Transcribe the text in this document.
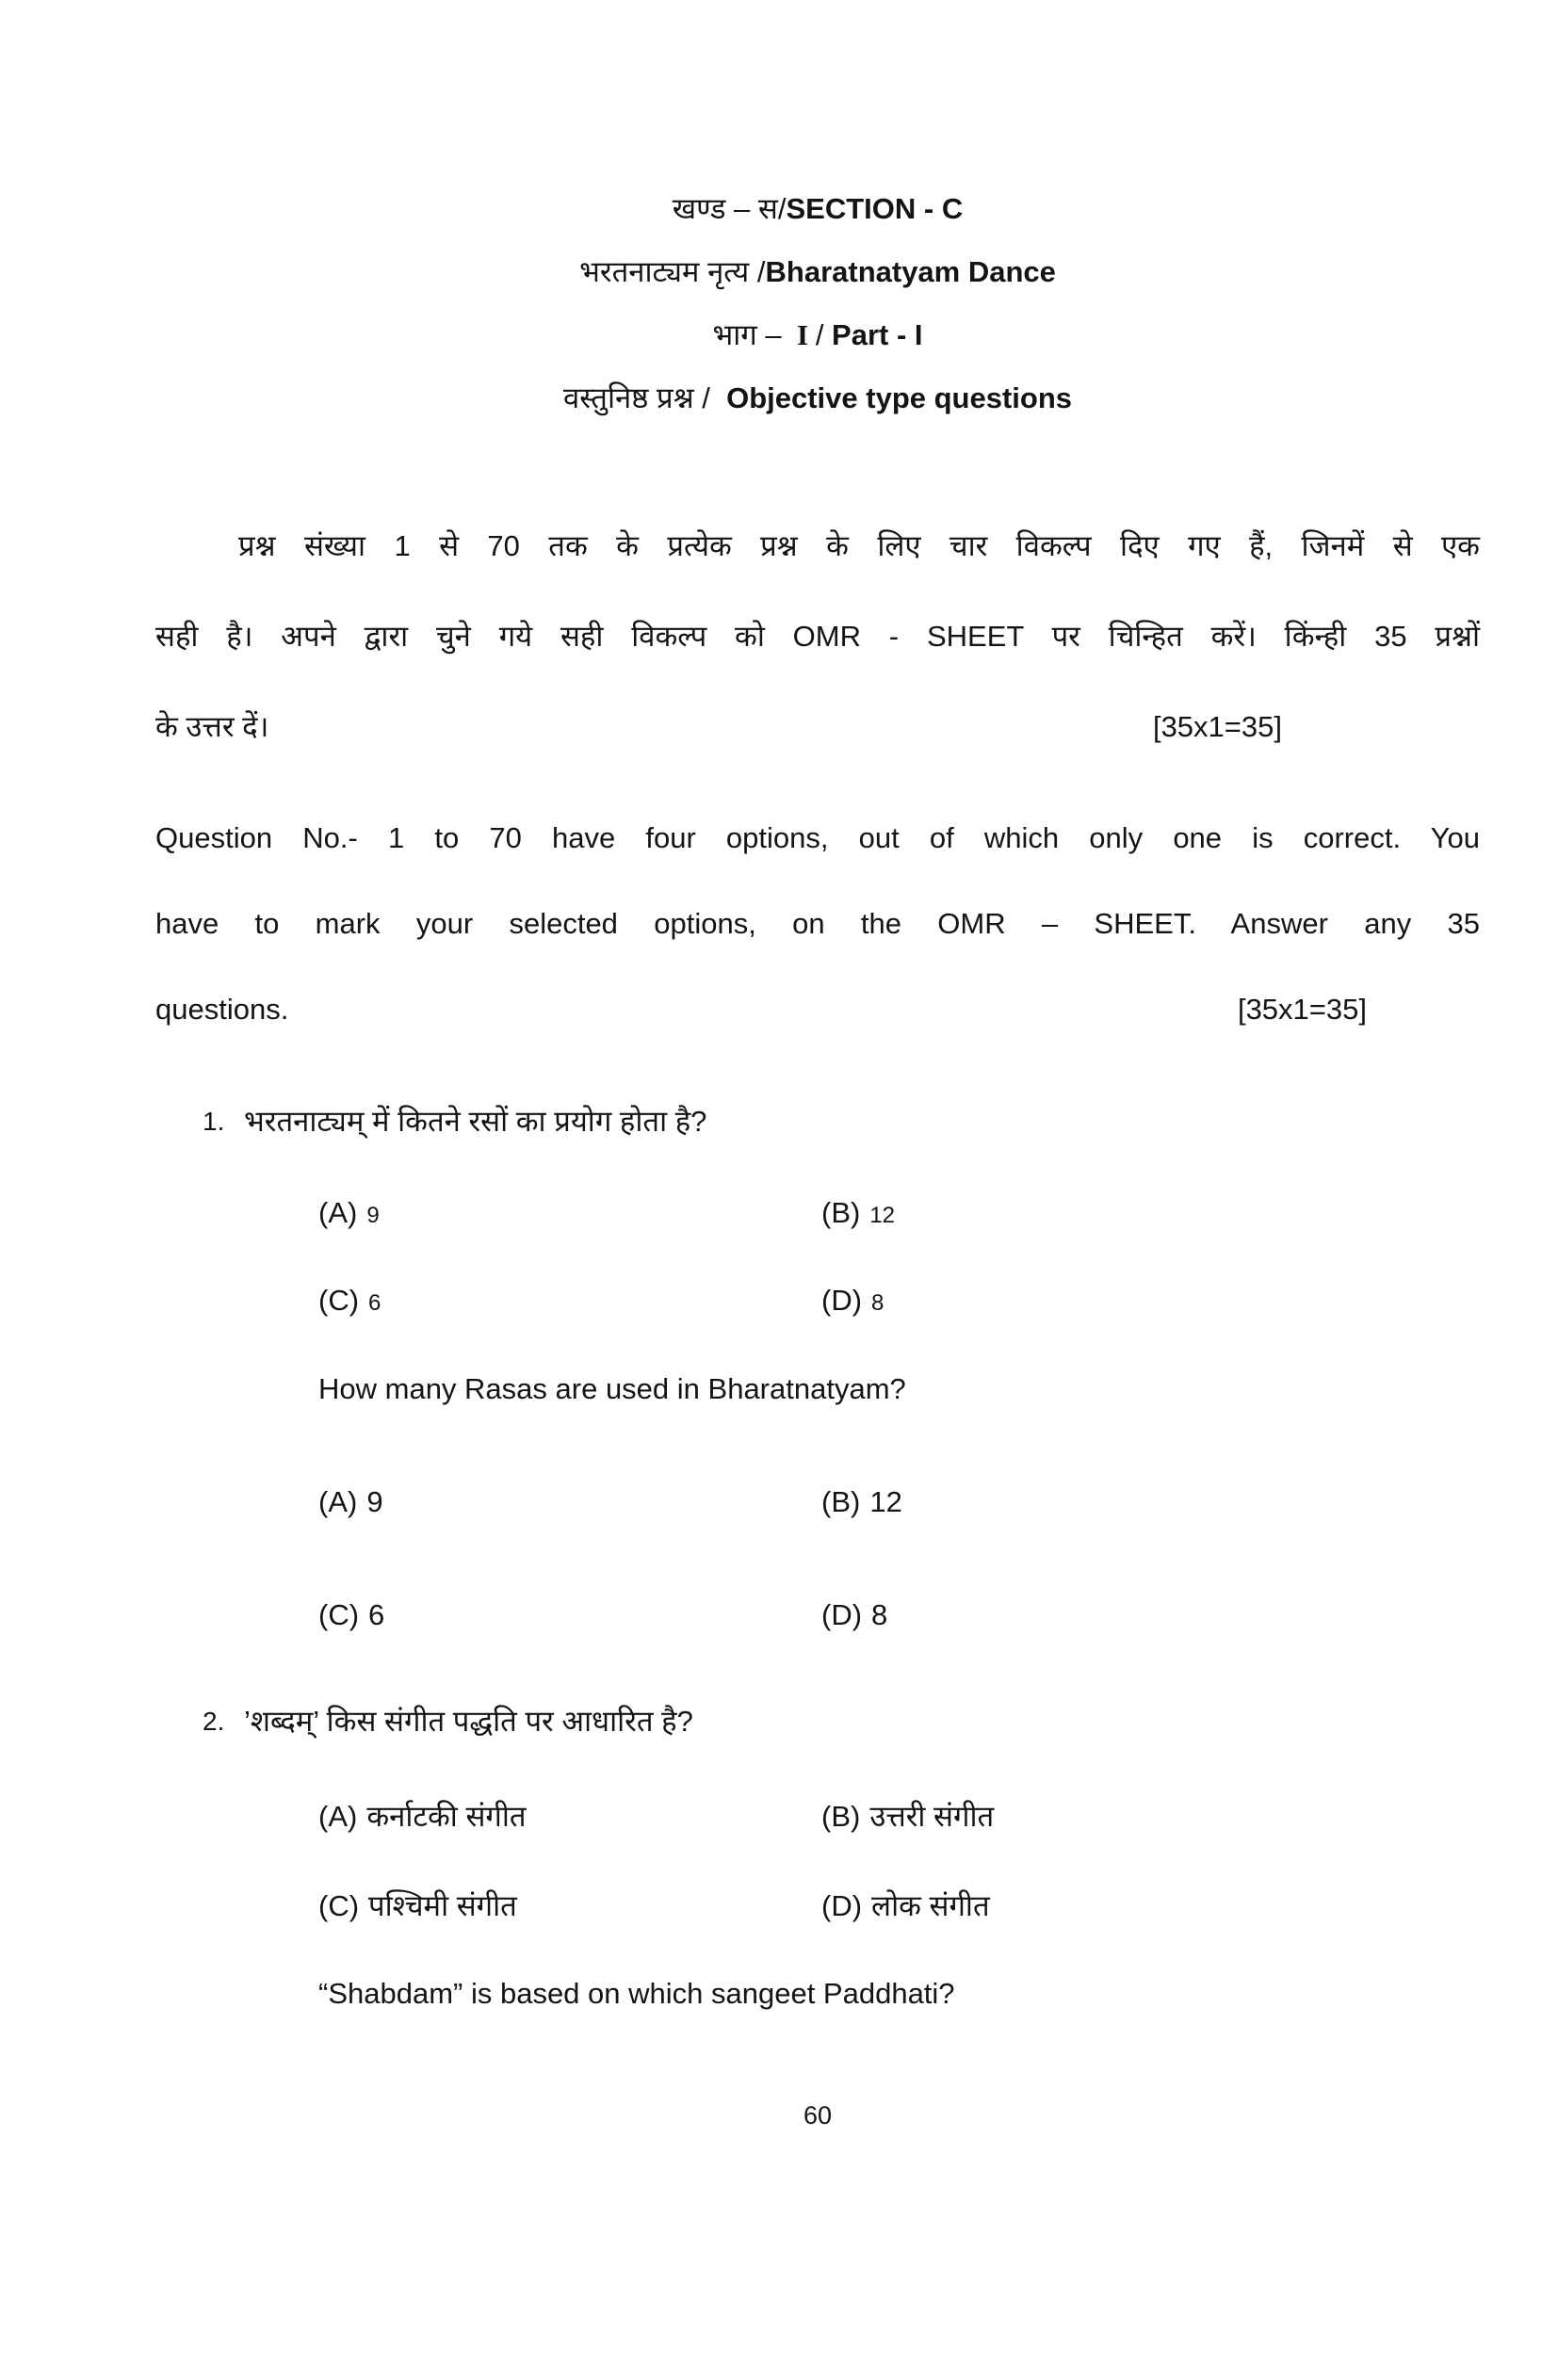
खण्ड – स/SECTION - C
भरतनाट्यम नृत्य /Bharatnatyam Dance
भाग –  I / Part - I
वस्तुनिष्ठ प्रश्न /  Objective type questions
प्रश्न संख्या 1 से 70 तक के प्रत्येक प्रश्न के लिए चार विकल्प दिए गए हैं, जिनमें से एक
सही है। अपने द्वारा चुने गये सही विकल्प को OMR - SHEET पर चिन्हित करें। किंन्ही 35 प्रश्नों
के उत्तर दें।	[35x1=35]
Question No.- 1 to 70 have four options, out of which only one is correct. You
have to mark your selected options, on the OMR – SHEET. Answer any 35
questions.	[35x1=35]
1. भरतनाट्यम् में कितने रसों का प्रयोग होता है?
(A) 9	(B) 12
(C) 6	(D) 8
How many Rasas are used in Bharatnatyam?
(A) 9	(B) 12
(C) 6	(D) 8
2. ’शब्दम्’ किस संगीत पद्धति पर आधारित है?
(A) कर्नाटकी संगीत	(B) उत्तरी संगीत
(C) पश्चिमी संगीत	(D) लोक संगीत
“Shabdam” is based on which sangeet Paddhati?
60
